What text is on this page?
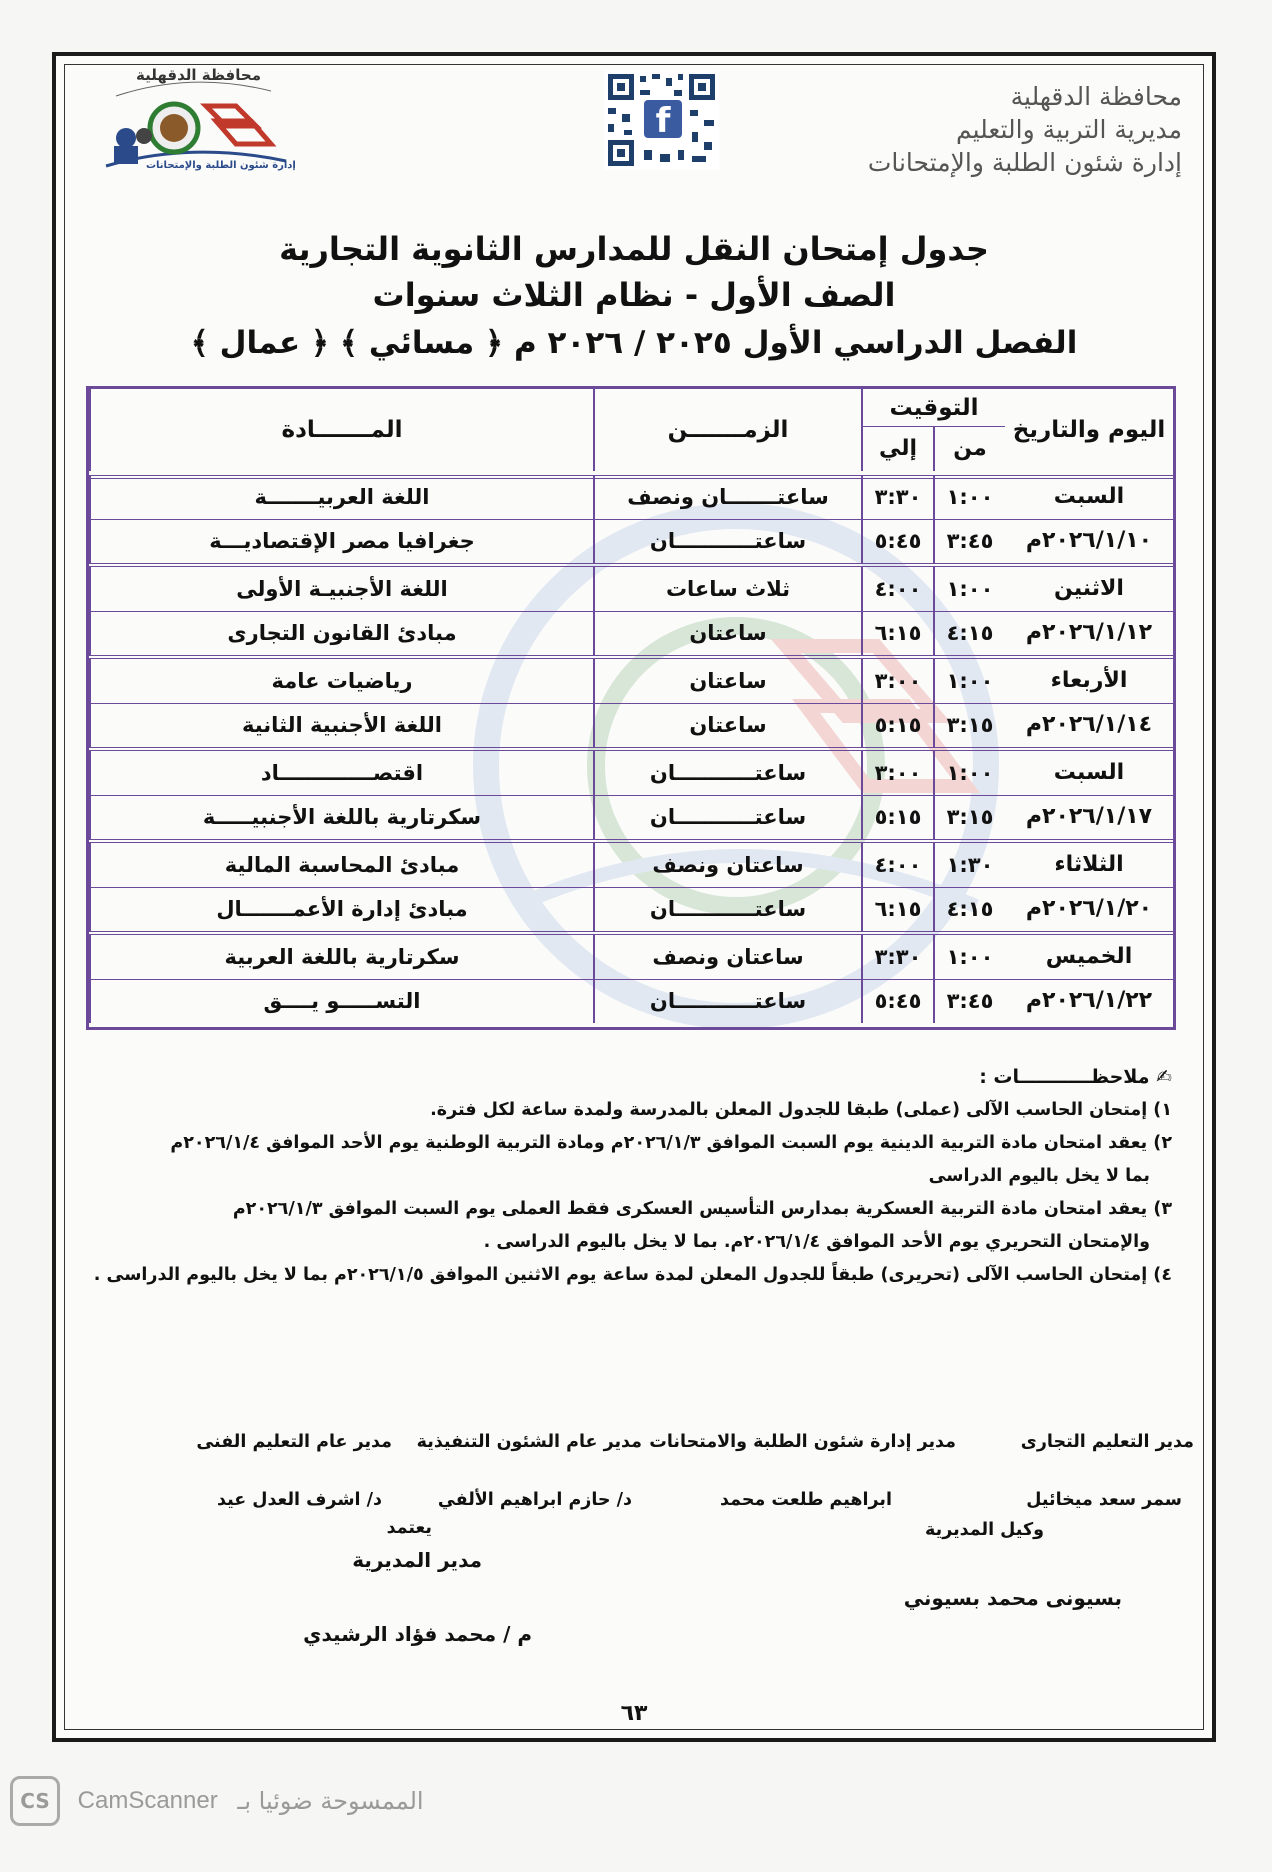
محافظة الدقهلية
مديرية التربية والتعليم
إدارة شئون الطلبة والإمتحانات
f
محافظة الدقهلية
إدارة شئون الطلبة والإمتحانات
جدول إمتحان النقل للمدارس الثانوية التجارية
الصف الأول - نظام الثلاث سنوات
الفصل الدراسي الأول ٢٠٢٥ / ٢٠٢٦ م ﴿ مسائي ﴾ ﴿ عمال ﴾
اليوم والتاريخ
التوقيت
من
إلي
الزمـــــــن
المـــــــادة
السبت
٢٠٢٦/١/١٠م
١:٠٠
٣:٣٠
ساعتـــــــان ونصف
اللغة العربيـــــــة
٣:٤٥
٥:٤٥
ساعتـــــــــــان
جغرافيا مصر الإقتصاديـــة
الاثنين
٢٠٢٦/١/١٢م
١:٠٠
٤:٠٠
ثلاث ساعات
اللغة الأجنبيـة الأولى
٤:١٥
٦:١٥
ساعتان
مبادئ القانون التجارى
الأربعاء
٢٠٢٦/١/١٤م
١:٠٠
٣:٠٠
ساعتان
رياضيات عامة
٣:١٥
٥:١٥
ساعتان
اللغة الأجنبية الثانية
السبت
٢٠٢٦/١/١٧م
١:٠٠
٣:٠٠
ساعتـــــــــــان
اقتصـــــــــــــاد
٣:١٥
٥:١٥
ساعتـــــــــــان
سكرتارية باللغة الأجنبيـــــة
الثلاثاء
٢٠٢٦/١/٢٠م
١:٣٠
٤:٠٠
ساعتان ونصف
مبادئ المحاسبة المالية
٤:١٥
٦:١٥
ساعتـــــــــــان
مبادئ إدارة الأعمـــــــال
الخميس
٢٠٢٦/١/٢٢م
١:٠٠
٣:٣٠
ساعتان ونصف
سكرتارية باللغة العربية
٣:٤٥
٥:٤٥
ساعتـــــــــــان
التســـــو يــــق

✍ ملاحظـــــــــــات :

١) إمتحان الحاسب الآلى (عملى) طبقا للجدول المعلن بالمدرسة ولمدة ساعة لكل فترة.

٢) يعقد امتحان مادة التربية الدينية يوم السبت الموافق ٢٠٢٦/١/٣م ومادة التربية الوطنية يوم الأحد الموافق ٢٠٢٦/١/٤م

بما لا يخل باليوم الدراسى

٣) يعقد امتحان مادة التربية العسكرية بمدارس التأسيس العسكرى فقط العملى يوم السبت الموافق ٢٠٢٦/١/٣م

والإمتحان التحريري يوم الأحد الموافق ٢٠٢٦/١/٤م. بما لا يخل باليوم الدراسى .

٤) إمتحان الحاسب الآلى (تحريرى) طبقاً للجدول المعلن لمدة ساعة يوم الاثنين الموافق ٢٠٢٦/١/٥م بما لا يخل باليوم الدراسى .

مدير التعليم التجارى
مدير إدارة شئون الطلبة والامتحانات
مدير عام الشئون التنفيذية
مدير عام التعليم الفنى
سمر سعد ميخائيل
ابراهيم طلعت محمد
د/ حازم ابراهيم الألفي
د/ اشرف العدل عيد
وكيل المديرية
يعتمد
مدير المديرية
بسيونى محمد بسيوني
م / محمد فؤاد الرشيدي
٦٣
CS CamScanner الممسوحة ضوئيا بـ
